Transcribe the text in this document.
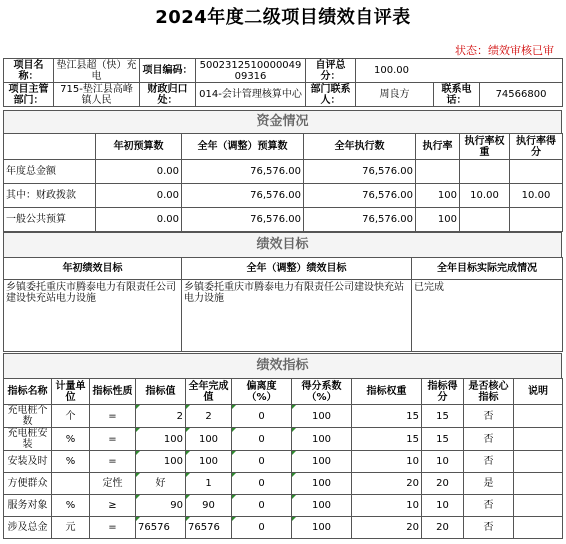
2024年度二级项目绩效自评表
状态：绩效审核已审
项目名称：	垫江县超（快）充电	项目编码：	500231251000004909316	自评总分：	100.00		
项目主管部门：	715-垫江县高峰镇人民	财政归口处：	014-会计管理核算中心	部门联系人：	周良方	联系电话：	74566800
资金情况
	年初预算数	全年（调整）预算数	全年执行数	执行率	执行率权重	执行率得分
年度总金额	0.00	76,576.00	76,576.00			
其中：财政拨款	0.00	76,576.00	76,576.00	100	10.00	10.00
一般公共预算	0.00	76,576.00	76,576.00	100		
绩效目标
年初绩效目标	全年（调整）绩效目标	全年目标实际完成情况
乡镇委托重庆市腾泰电力有限责任公司建设快充站电力设施	乡镇委托重庆市腾泰电力有限责任公司建设快充站电力设施	已完成
绩效指标
指标名称	计量单位	指标性质	指标值	全年完成值	偏离度（%）	得分系数（%）	指标权重	指标得分	是否核心指标	说明
充电桩个数	个	=	2	2	0	100	15	15	否	
充电桩安装	%	=	100	100	0	100	15	15	否	
安装及时	%	=	100	100	0	100	10	10	否	
方便群众		定性	好	1	0	100	20	20	是	
服务对象	%	≥	90	90	0	100	10	10	否	
涉及总金	元	=	76576	76576	0	100	20	20	否	
